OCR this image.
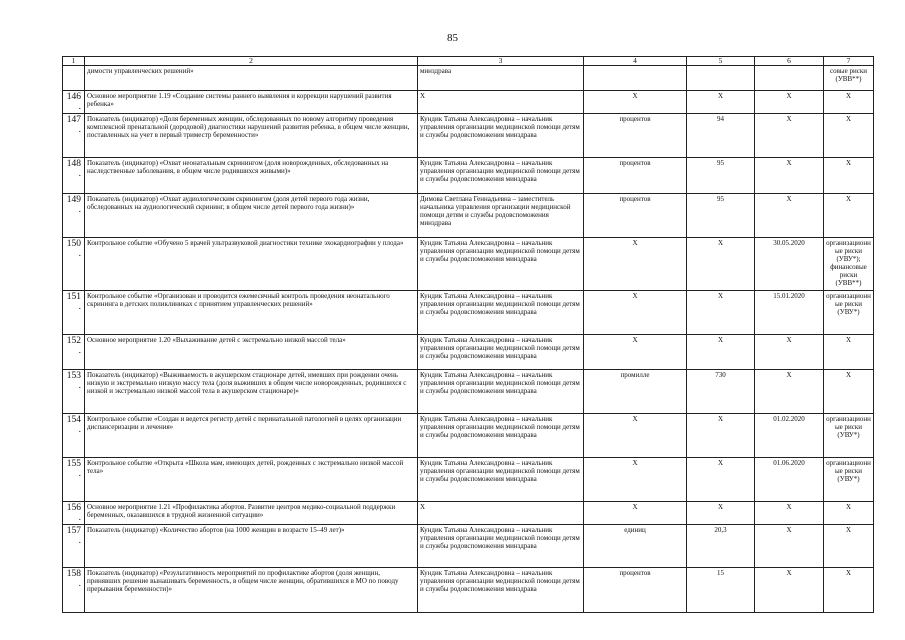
85
1	2	3	4	5	6	7
	димости управленческих решений»	минздрава				совые риски (УВВ**)
146.	Основное мероприятие 1.19 «Создание системы раннего выявления и коррекции нарушений развития ребенка»	X	X	X	X	X
147.	Показатель (индикатор) «Доля беременных женщин, обследованных по новому алгоритму проведения комплексной пренатальной (дородовой) диагностики нарушений развития ребенка, в общем числе женщин, поставленных на учет в первый триместр беременности»	Кундик Татьяна Александровна – начальник управления организации медицинской помощи детям и службы родовспоможения минздрава	процентов	94	X	X
148.	Показатель (индикатор) «Охват неонатальным скринингом (доля новорожденных, обследованных на наследственные заболевания, в общем числе родившихся живыми)»	Кундик Татьяна Александровна – начальник управления организации медицинской помощи детям и службы родовспоможения минздрава	процентов	95	X	X
149.	Показатель (индикатор) «Охват аудиологическим скринингом (доля детей первого года жизни, обследованных на аудиологический скрининг, в общем числе детей первого года жизни)»	Димова Светлана Геннадьевна – заместитель начальника управления организации медицинской помощи детям и службы родовспоможения минздрава	процентов	95	X	X
150.	Контрольное событие «Обучено 5 врачей ультразвуковой диагностики технике эхокардиографии у плода»	Кундик Татьяна Александровна – начальник управления организации медицинской помощи детям и службы родовспоможения минздрава	X	X	30.05.2020	организационные риски (УВУ*); финансовые риски (УВВ**)
151.	Контрольное событие «Организован и проводится ежемесячный контроль проведения неонатального скрининга в детских поликлиниках с принятием управленческих решений»	Кундик Татьяна Александровна – начальник управления организации медицинской помощи детям и службы родовспоможения минздрава	X	X	15.01.2020	организационные риски (УВУ*)
152.	Основное мероприятие 1.20 «Выхаживание детей с экстремально низкой массой тела»	Кундик Татьяна Александровна – начальник управления организации медицинской помощи детям и службы родовспоможения минздрава	X	X	X	X
153.	Показатель (индикатор) «Выживаемость в акушерском стационаре детей, имевших при рождении очень низкую и экстремально низкую массу тела (доля выживших в общем числе новорожденных, родившихся с низкой и экстремально низкой массой тела в акушерском стационаре)»	Кундик Татьяна Александровна – начальник управления организации медицинской помощи детям и службы родовспоможения минздрава	промилле	730	X	X
154.	Контрольное событие «Создан и ведется регистр детей с перинатальной патологией в целях организации диспансеризации и лечения»	Кундик Татьяна Александровна – начальник управления организации медицинской помощи детям и службы родовспоможения минздрава	X	X	01.02.2020	организационные риски (УВУ*)
155.	Контрольное событие «Открыта «Школа мам, имеющих детей, рожденных с экстремально низкой массой тела»	Кундик Татьяна Александровна – начальник управления организации медицинской помощи детям и службы родовспоможения минздрава	X	X	01.06.2020	организационные риски (УВУ*)
156.	Основное мероприятие 1.21 «Профилактика абортов. Развитие центров медико-социальной поддержки беременных, оказавшихся в трудной жизненной ситуации»	X	X	X	X	X
157.	Показатель (индикатор) «Количество абортов (на 1000 женщин в возрасте 15–49 лет)»	Кундик Татьяна Александровна – начальник управления организации медицинской помощи детям и службы родовспоможения минздрава	единиц	20,3	X	X
158.	Показатель (индикатор) «Результативность мероприятий по профилактике абортов (доля женщин, принявших решение вынашивать беременность, в общем числе женщин, обратившихся в МО по поводу прерывания беременности)»	Кундик Татьяна Александровна – начальник управления организации медицинской помощи детям и службы родовспоможения минздрава	процентов	15	X	X
